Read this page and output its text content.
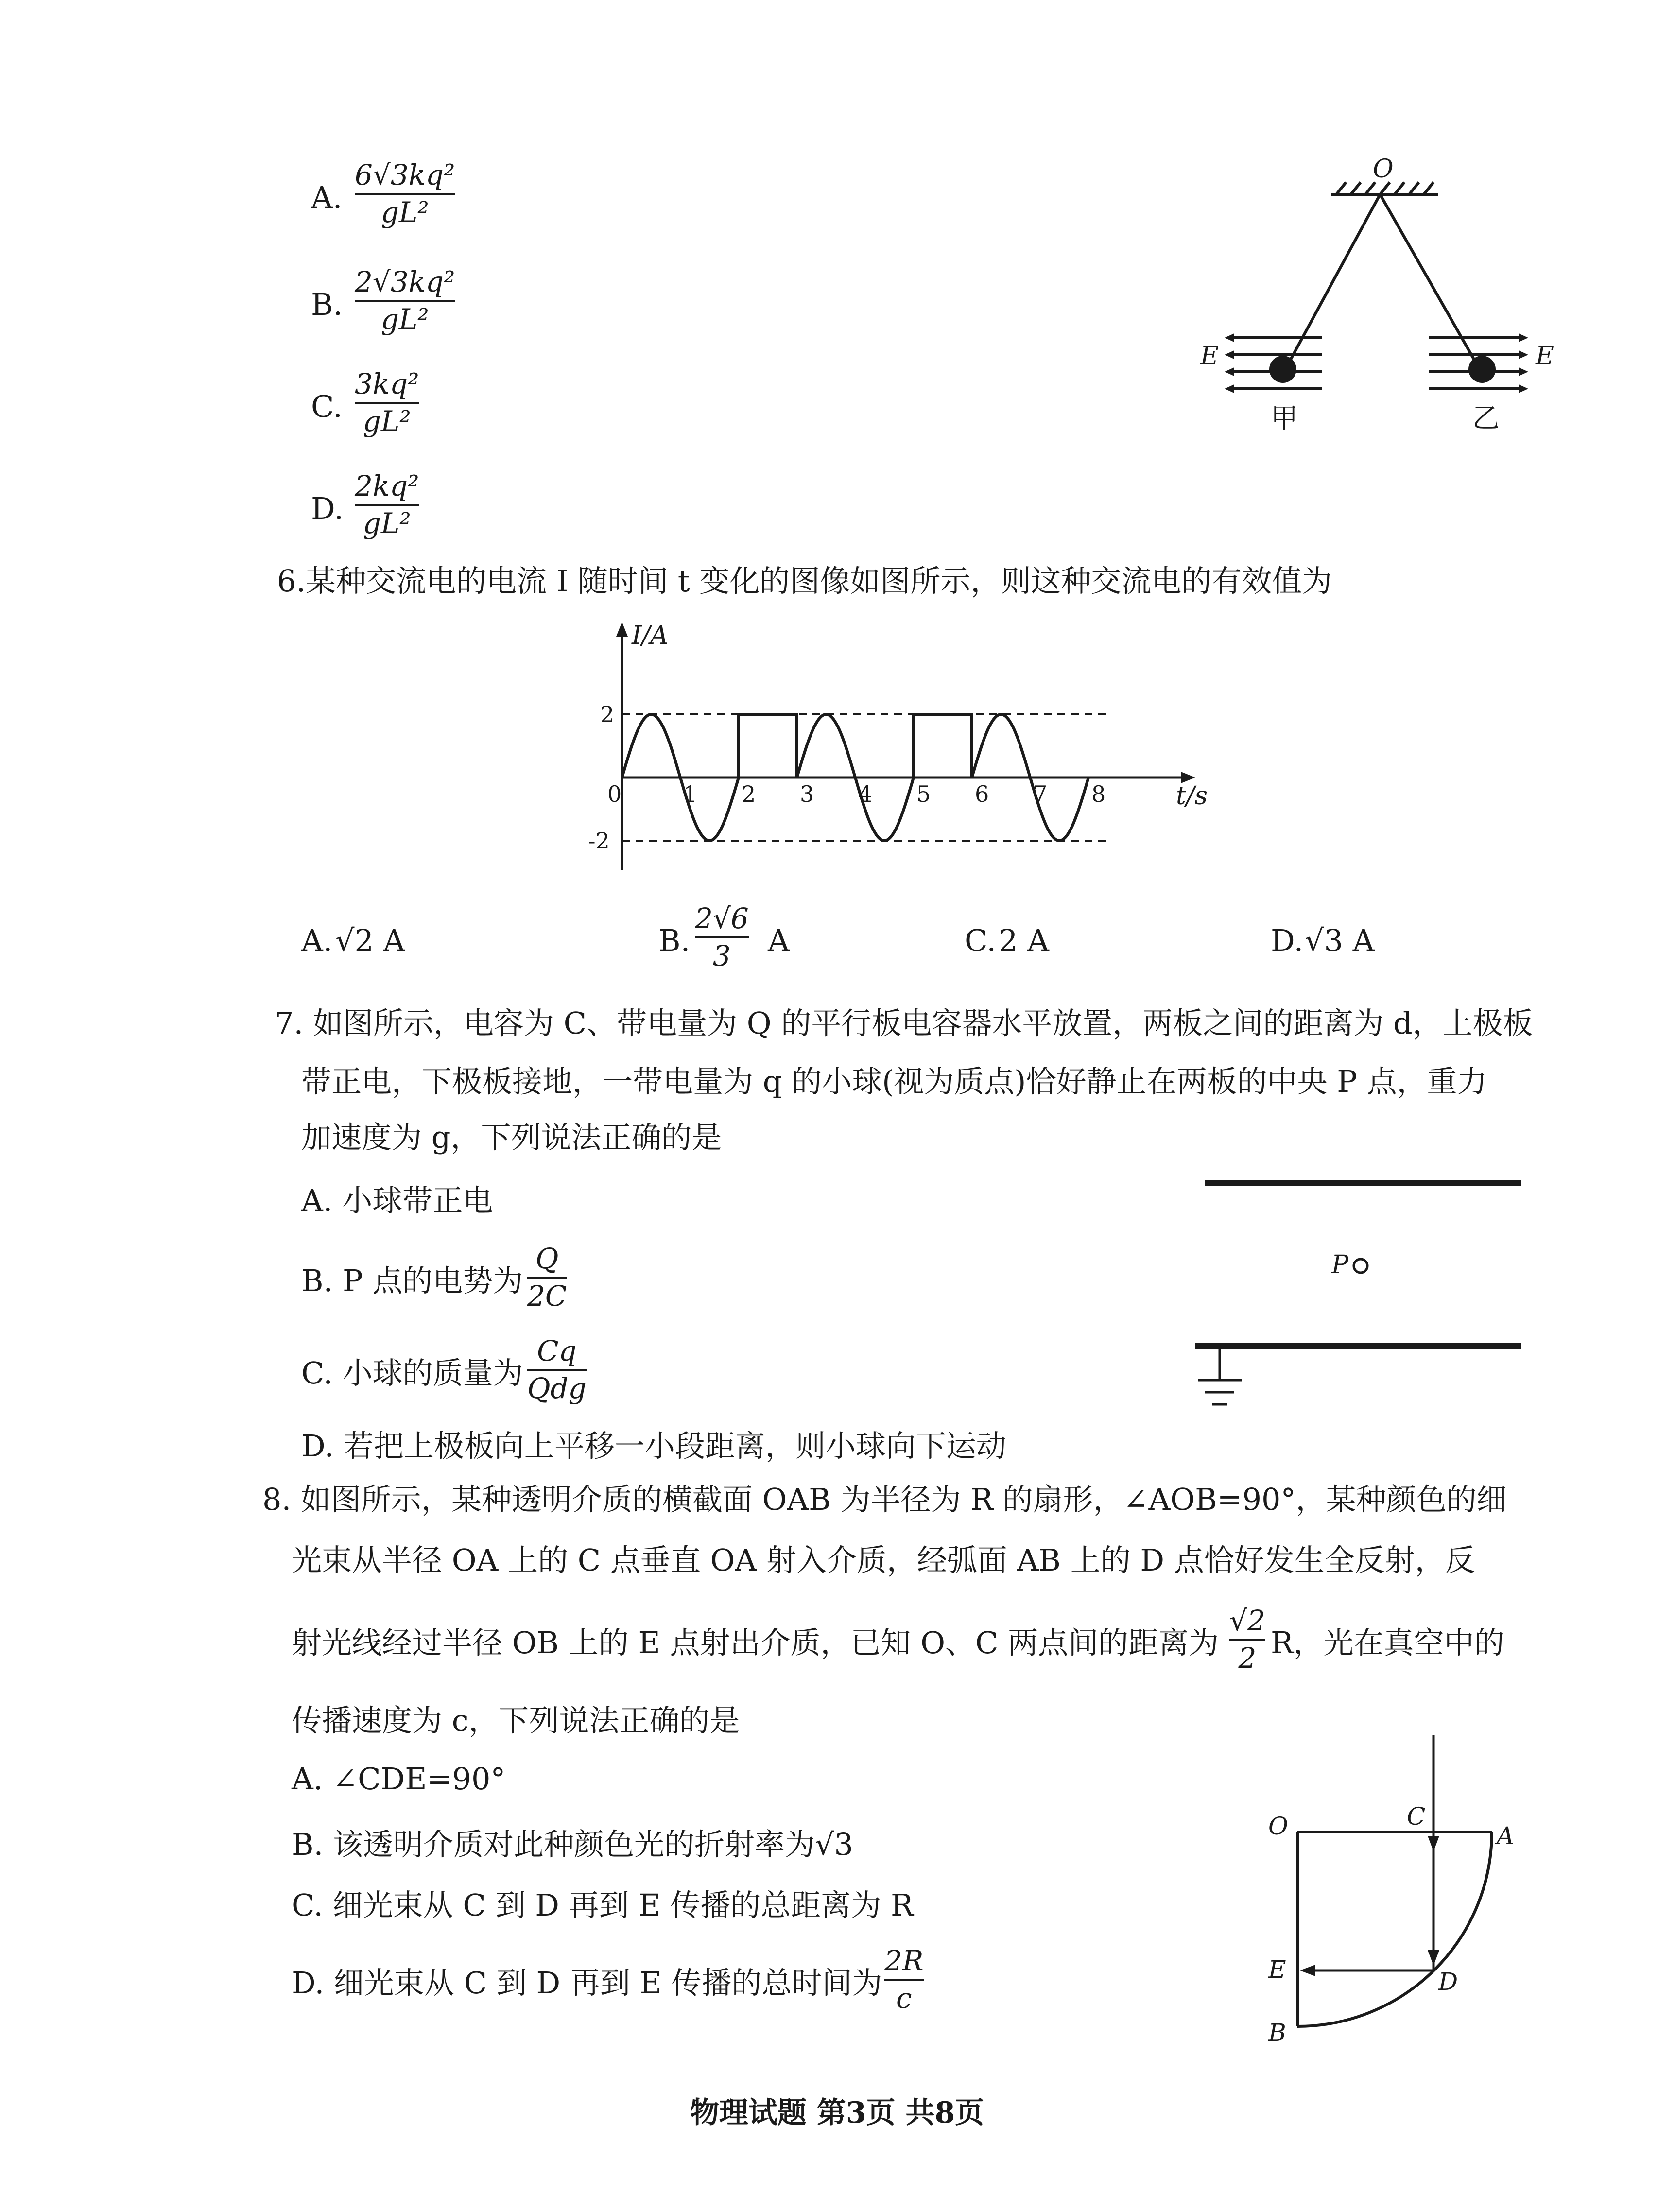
A.
6√3kq²
gL²
B.
2√3kq²
gL²
C.
3kq²
gL²
D.
2kq²
gL²
O
E	E
甲	乙
6.某种交流电的电流 I 随时间 t 变化的图像如图所示，则这种交流电的有效值为
I/A
t/s
0	1 2 3 4 5 6 7 8
2
-2
A. √2 A	B.
2√6
3	A	C. 2 A	D. √3 A
7. 如图所示，电容为 C、带电量为 Q 的平行板电容器水平放置，两板之间的距离为 d，上极板
带正电，下极板接地，一带电量为 q 的小球(视为质点)恰好静止在两板的中央 P 点，重力
加速度为 g，下列说法正确的是
A. 小球带正电
B. P 点的电势为
Q
2C
C. 小球的质量为
Cq
Qdg
D. 若把上极板向上平移一小段距离，则小球向下运动
P
8. 如图所示，某种透明介质的横截面 OAB 为半径为 R 的扇形，∠AOB=90°，某种颜色的细
光束从半径 OA 上的 C 点垂直 OA 射入介质，经弧面 AB 上的 D 点恰好发生全反射，反
射光线经过半径 OB 上的 E 点射出介质，已知 O、C 两点间的距离为
√2
2 R，光在真空中的
传播速度为 c，下列说法正确的是
A. ∠CDE=90°
B. 该透明介质对此种颜色光的折射率为√3
C. 细光束从 C 到 D 再到 E 传播的总距离为 R
D. 细光束从 C 到 D 再到 E 传播的总时间为
2R
c
O	A
B
C
D
E
物理试题 第3页 共8页
